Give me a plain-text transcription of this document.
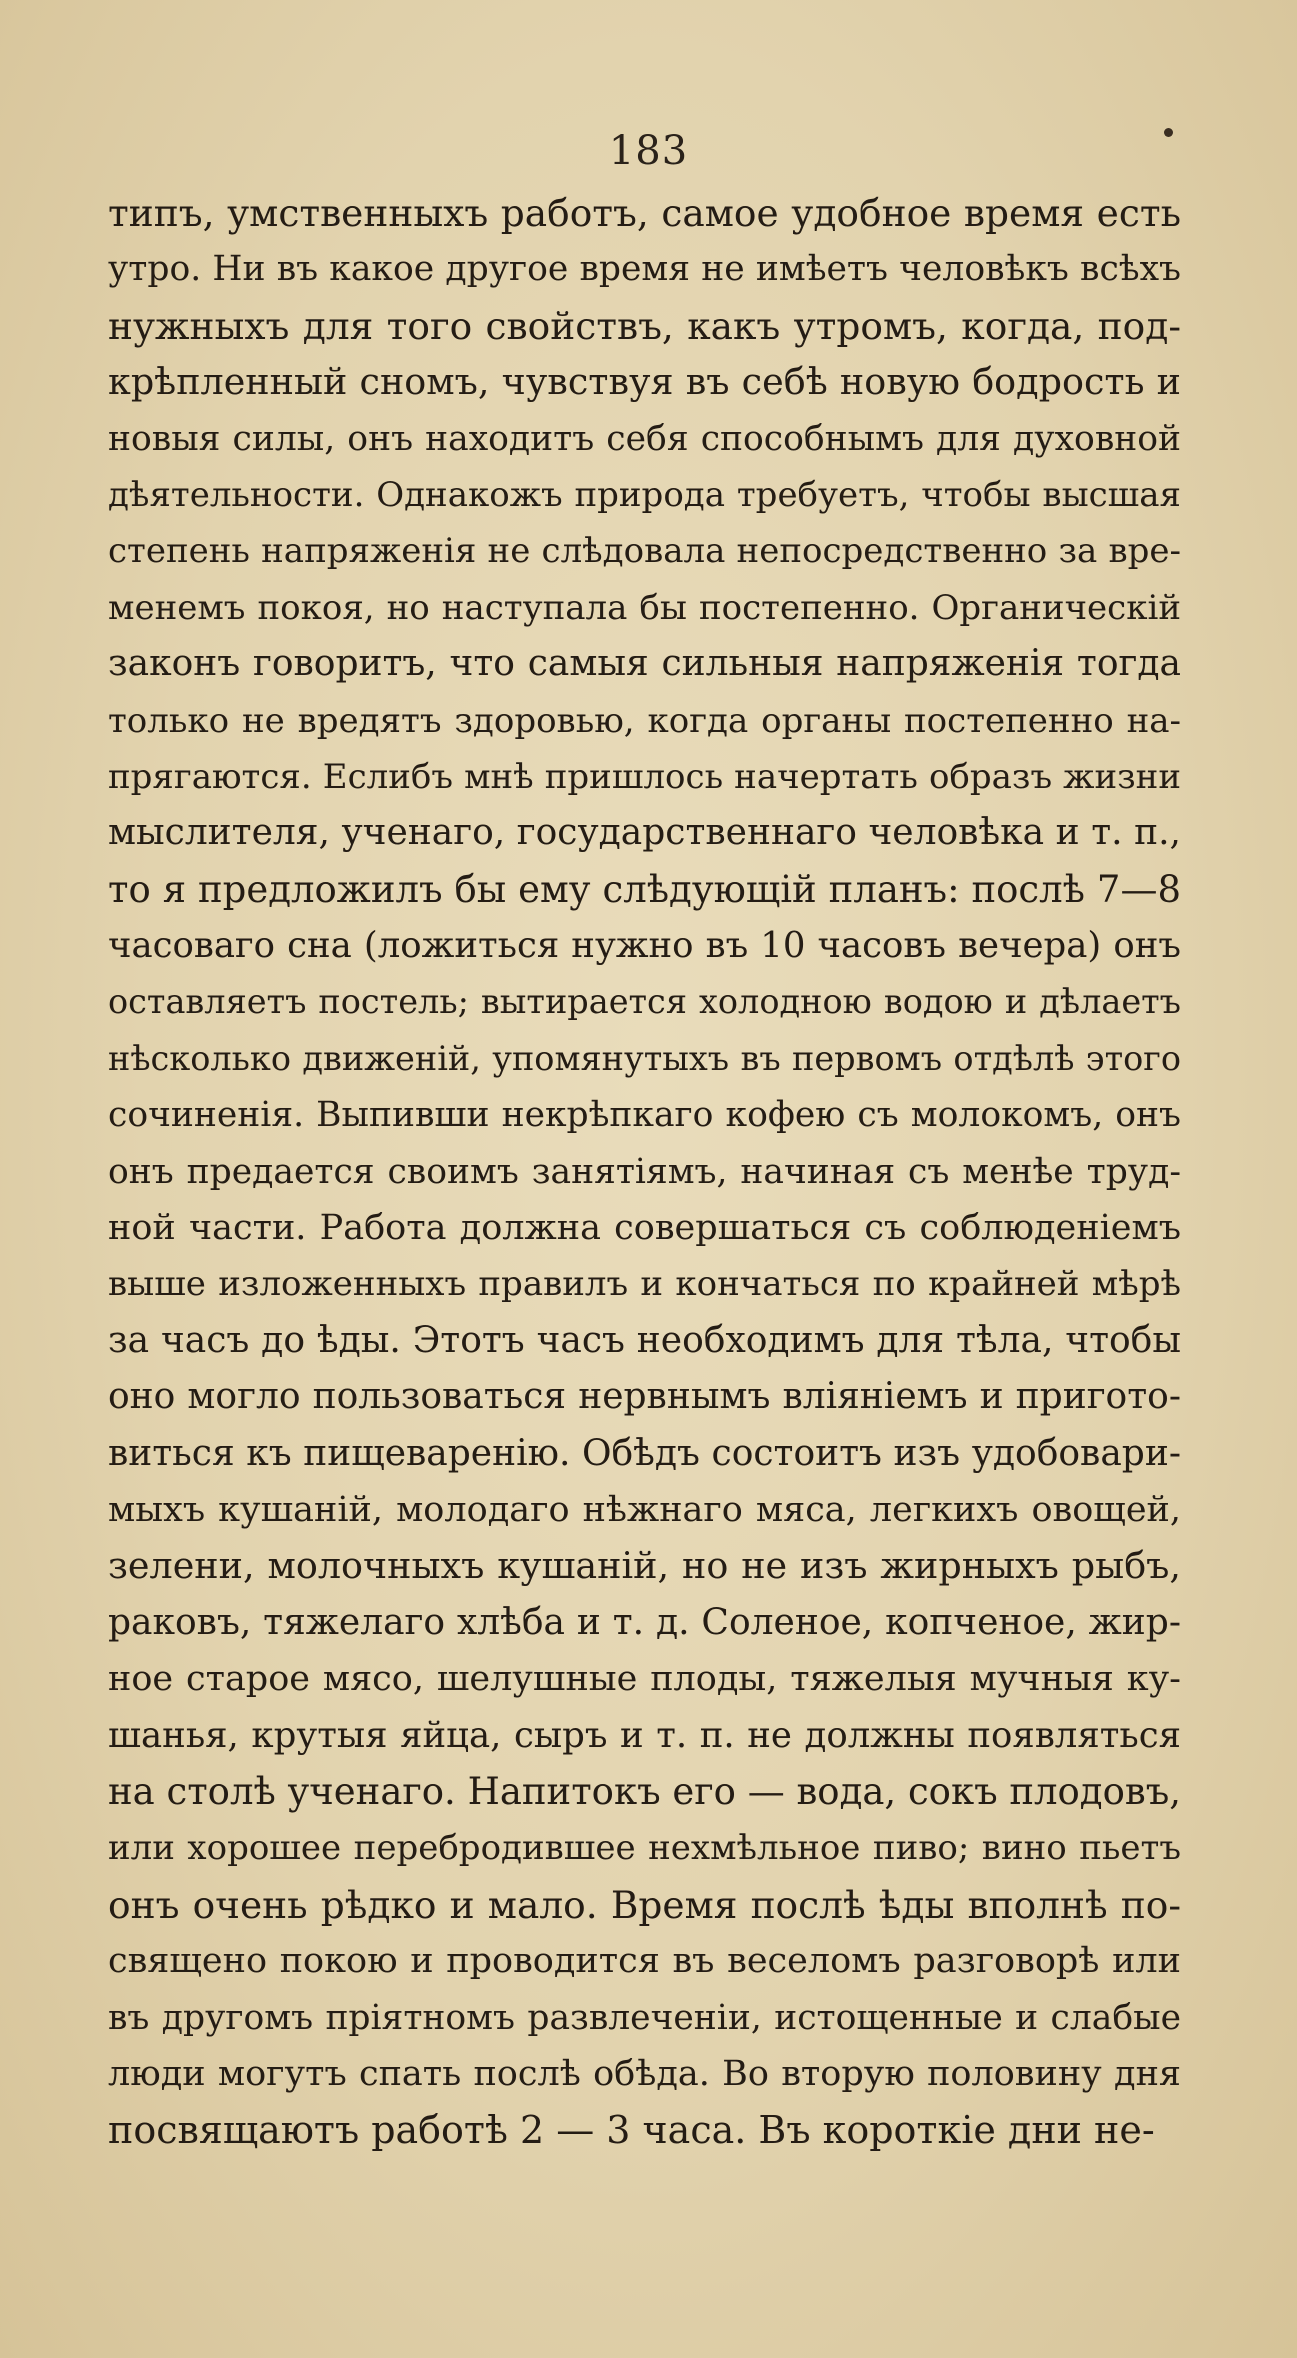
183
типъ, умственныхъ работъ, самое удобное время есть
утро. Ни въ какое другое время не имѣетъ человѣкъ всѣхъ
нужныхъ для того свойствъ, какъ утромъ, когда, под-
крѣпленный сномъ, чувствуя въ себѣ новую бодрость и
новыя силы, онъ находитъ себя способнымъ для духовной
дѣятельности. Однакожъ природа требуетъ, чтобы высшая
степень напряженія не слѣдовала непосредственно за вре-
менемъ покоя, но наступала бы постепенно. Органическій
законъ говоритъ, что самыя сильныя напряженія тогда
только не вредятъ здоровью, когда органы постепенно на-
прягаются. Еслибъ мнѣ пришлось начертать образъ жизни
мыслителя, ученаго, государственнаго человѣка и т. п.,
то я предложилъ бы ему слѣдующій планъ: послѣ 7—8
часоваго сна (ложиться нужно въ 10 часовъ вечера) онъ
оставляетъ постель; вытирается холодною водою и дѣлаетъ
нѣсколько движеній, упомянутыхъ въ первомъ отдѣлѣ этого
сочиненія. Выпивши некрѣпкаго кофею съ молокомъ, онъ
онъ предается своимъ занятіямъ, начиная съ менѣе труд-
ной части. Работа должна совершаться съ соблюденіемъ
выше изложенныхъ правилъ и кончаться по крайней мѣрѣ
за часъ до ѣды. Этотъ часъ необходимъ для тѣла, чтобы
оно могло пользоваться нервнымъ вліяніемъ и пригото-
виться къ пищеваренію. Обѣдъ состоитъ изъ удобовари-
мыхъ кушаній, молодаго нѣжнаго мяса, легкихъ овощей,
зелени, молочныхъ кушаній, но не изъ жирныхъ рыбъ,
раковъ, тяжелаго хлѣба и т. д. Соленое, копченое, жир-
ное старое мясо, шелушные плоды, тяжелыя мучныя ку-
шанья, крутыя яйца, сыръ и т. п. не должны появляться
на столѣ ученаго. Напитокъ его — вода, сокъ плодовъ,
или хорошее перебродившее нехмѣльное пиво; вино пьетъ
онъ очень рѣдко и мало. Время послѣ ѣды вполнѣ по-
священо покою и проводится въ веселомъ разговорѣ или
въ другомъ пріятномъ развлеченіи, истощенные и слабые
люди могутъ спать послѣ обѣда. Во вторую половину дня
посвящаютъ работѣ 2 — 3 часа. Въ короткіе дни не-
